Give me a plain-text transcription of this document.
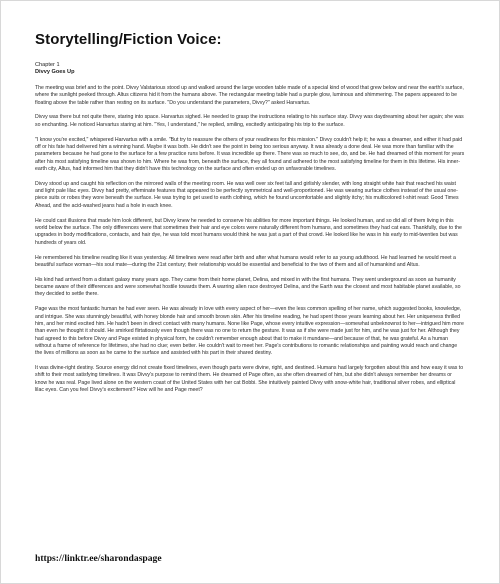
Storytelling/Fiction Voice:

Chapter 1

Divvy Goes Up

The meeting was brief and to the point. Divvy Valstarious stood up and walked around the large wooden table made of a special kind of wood that grew below and near the earth's surface, where the sunlight peeked through. Altus citizens hid it from the humans above. The rectangular meeting table had a purple glow, luminous and shimmering. The papers appeared to be floating above the table rather than resting on its surface. "Do you understand the parameters, Divvy?" asked Harvartus.

Divvy was there but not quite there, staring into space. Harvartus sighed. He needed to grasp the instructions relating to his surface stay. Divvy was daydreaming about her again; she was so enchanting. He noticed Harvartus staring at him. "Yes, I understand," he replied, smiling, excitedly anticipating his trip to the surface.

"I know you're excited," whispered Harvartus with a smile. "But try to reassure the others of your readiness for this mission." Divvy couldn't help it; he was a dreamer, and either it had paid off or his fate had delivered him a winning hand. Maybe it was both. He didn't see the point in being too serious anyway. It was already a done deal. He was more than familiar with the parameters because he had gone to the surface for a few practice runs before. It was incredible up there. There was so much to see, do, and be. He had dreamed of this moment for years after his most satisfying timeline was shown to him. Where he was from, beneath the surface, they all found and adhered to the most satisfying timeline for them in this lifetime. His inner-earth city, Altus, had informed him that they didn't have this technology on the surface and often ended up on unfavorable timelines.

Divvy stood up and caught his reflection on the mirrored walls of the meeting room. He was well over six feet tall and girlishly slender, with long straight white hair that reached his waist and light pale lilac eyes. Divvy had pretty, effeminate features that appeared to be perfectly symmetrical and well-proportioned. He was wearing surface clothes instead of the usual one-piece suits or robes they wore beneath the surface. He was trying to get used to earth clothing, which he found uncomfortable and slightly itchy; his multicolored t-shirt read: Good Times Ahead, and the acid-washed jeans had a hole in each knee.

He could cast illusions that made him look different, but Divvy knew he needed to conserve his abilities for more important things. He looked human, and so did all of them living in this world below the surface. The only differences were that sometimes their hair and eye colors were naturally different from humans, and sometimes they had cat ears. Thankfully, due to the upgrades in body modifications, contacts, and hair dye, he was told most humans would think he was just a part of that crowd. He looked like he was in his early to mid-twenties but was hundreds of years old.

He remembered his timeline reading like it was yesterday. All timelines were read after birth and after what humans would refer to as young adulthood. He had learned he would meet a beautiful surface woman—his soul mate—during the 21st century; their relationship would be essential and beneficial to the two of them and all of humankind and Altus.

His kind had arrived from a distant galaxy many years ago. They came from their home planet, Delina, and mixed in with the first humans. They went underground as soon as humanity became aware of their differences and were somewhat hostile towards them. A warring alien race destroyed Delina, and the Earth was the closest and most habitable planet available, so they decided to settle there.

Page was the most fantastic human he had ever seen. He was already in love with every aspect of her—even the less common spelling of her name, which suggested books, knowledge, and intrigue. She was stunningly beautiful, with honey blonde hair and smooth brown skin. After his timeline reading, he had spent those years learning about her. Her uniqueness thrilled him, and her mind excited him. He hadn't been in direct contact with many humans. None like Page, whose every intuitive expression—somewhat unbeknownst to her—intrigued him more than even he thought it should. He smirked flirtatiously even though there was no one to return the gesture. It was as if she were made just for him, and he was just for her. Although they had agreed to this before Divvy and Page existed in physical form, he couldn't remember enough about that to make it mundane—and because of that, he was grateful. As a human without a frame of reference for lifetimes, she had no clue; even better. He couldn't wait to meet her. Page's contributions to romantic relationships and painting would reach and change the lives of millions as soon as he came to the surface and assisted with his part in their shared destiny.

It was divine-right destiny. Source energy did not create fixed timelines, even though parts were divine, right, and destined. Humans had largely forgotten about this and how easy it was to shift to their most satisfying timelines. It was Divvy's purpose to remind them. He dreamed of Page often, as she often dreamed of him, but she didn't always remember her dreams or know he was real. Page lived alone on the western coast of the United States with her cat Bobbi. She intuitively painted Divvy with snow-white hair, traditional silver robes, and elliptical lilac eyes. Can you feel Divvy's excitement? How will he and Page meet?

https://linktr.ee/sharondaspage
